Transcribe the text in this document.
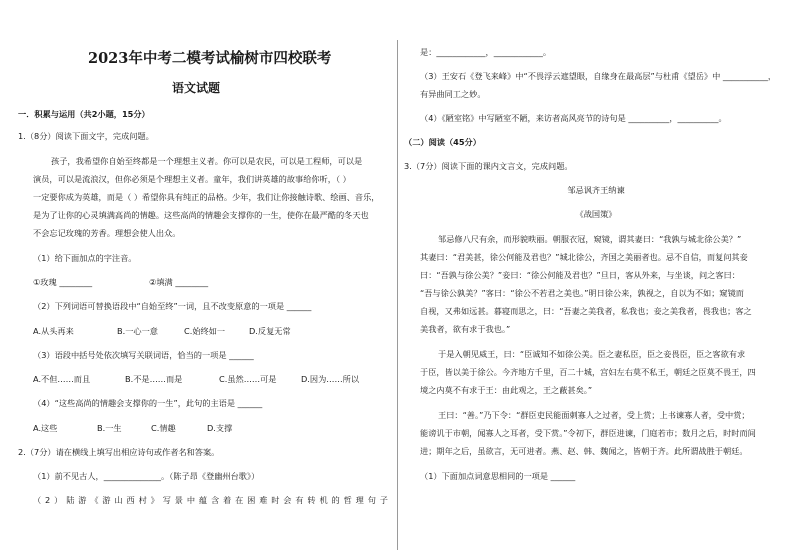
2023年中考二模考试榆树市四校联考
语文试题
一．积累与运用（共2小题，15分）
1.（8分）阅读下面文字，完成问题。
孩子，我希望你自始至终都是一个理想主义者。你可以是农民，可以是工程师，可以是
演员，可以是流浪汉，但你必须是个理想主义者。童年，我们讲英雄的故事给你听，（ ）
一定要你成为英雄，而是（ ）希望你具有纯正的品格。少年，我们让你接触诗歌、绘画、音乐，
是为了让你的心灵填满高尚的情趣。这些高尚的情趣会支撑你的一生，使你在最严酷的冬天也
不会忘记玫瑰的芳香。理想会使人出众。
（1）给下面加点的字注音。
①玫瑰 ________	②填满 ________
（2）下列词语可替换语段中“自始至终”一词，且不改变原意的一项是 ______
A.从头再来	B.一心一意	C.始终如一	D.反复无常
（3）语段中括号处依次填写关联词语，恰当的一项是 ______
A.不但……而且	B.不是……而是	C.虽然……可是	D.因为……所以
（4）“这些高尚的情趣会支撑你的一生”，此句的主语是 ______
A.这些	B.一生	C.情趣	D.支撑
2.（7分）请在横线上填写出相应诗句或作者名和答案。
（1）前不见古人，______________。（陈子昂《登幽州台歌》）
（2）陆游《游山西村》写景中蕴含着在困难时会有转机的哲理句子
是：____________，____________。
（3）王安石《登飞来峰》中“不畏浮云遮望眼，自缘身在最高层”与杜甫《望岳》中 ___________，
有异曲同工之妙。
（4）《陋室铭》中写陋室不陋，来访者高风亮节的诗句是 __________，__________。
（二）阅读（45分）
3.（7分）阅读下面的课内文言文，完成问题。
邹忌讽齐王纳谏
《战国策》
邹忌修八尺有余，而形貌昳丽。朝服衣冠，窥镜，谓其妻曰：“我孰与城北徐公美？”
其妻曰：“君美甚，徐公何能及君也？”城北徐公，齐国之美丽者也。忌不自信，而复问其妾
曰：“吾孰与徐公美？”妾曰：“徐公何能及君也？”旦日，客从外来，与坐谈，问之客曰：
“吾与徐公孰美？”客曰：“徐公不若君之美也。”明日徐公来，孰视之，自以为不如；窥镜而
自视，又弗如远甚。暮寝而思之，曰：“吾妻之美我者，私我也；妾之美我者，畏我也；客之
美我者，欲有求于我也。”
于是入朝见威王，曰：“臣诚知不如徐公美。臣之妻私臣，臣之妾畏臣，臣之客欲有求
于臣，皆以美于徐公。今齐地方千里，百二十城，宫妇左右莫不私王，朝廷之臣莫不畏王，四
境之内莫不有求于王：由此观之，王之蔽甚矣。”
王曰：“善。”乃下令：“群臣吏民能面刺寡人之过者，受上赏；上书谏寡人者，受中赏；
能谤讥于市朝，闻寡人之耳者，受下赏。”令初下，群臣进谏，门庭若市；数月之后，时时而间
进；期年之后，虽欲言，无可进者。燕、赵、韩、魏闻之，皆朝于齐。此所谓战胜于朝廷。
（1）下面加点词意思相同的一项是 ______
